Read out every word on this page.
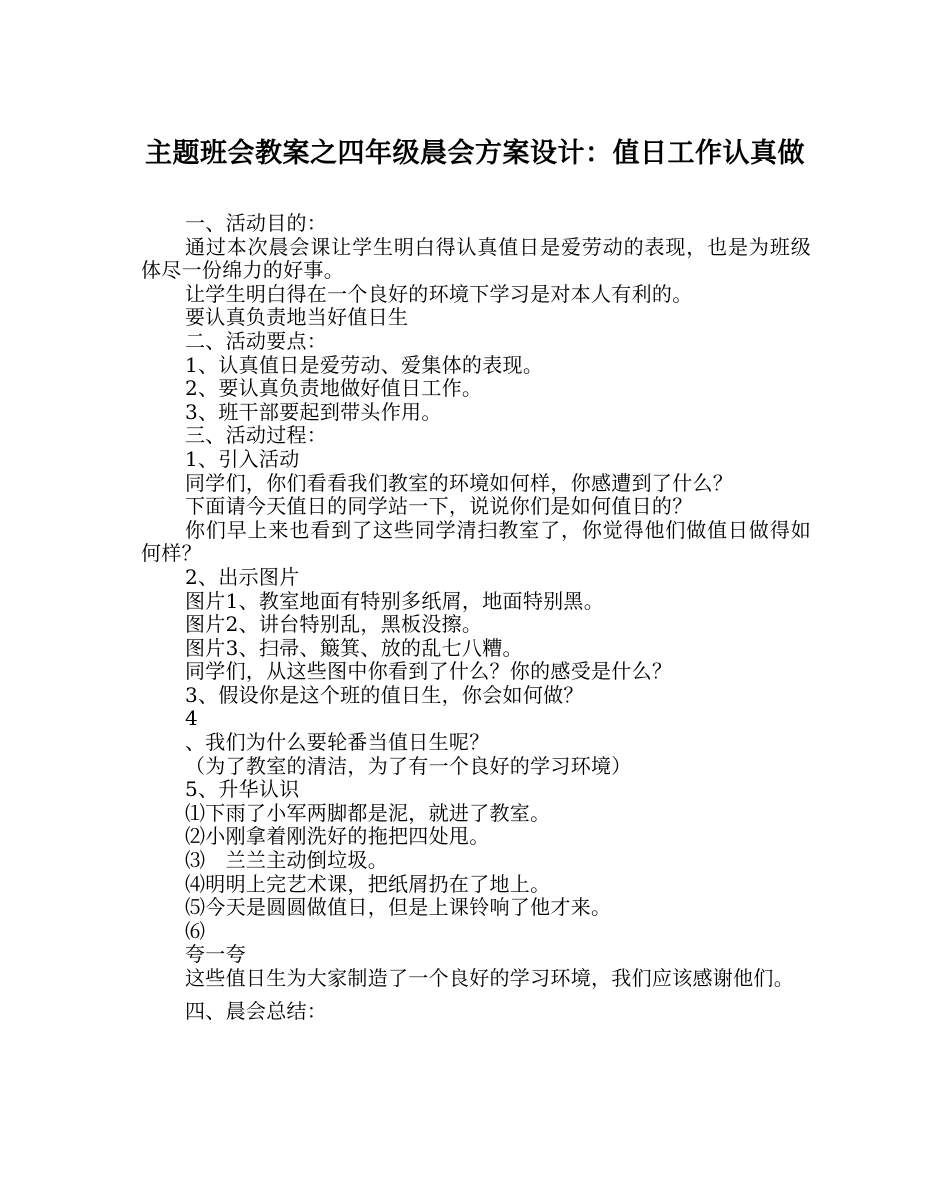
主题班会教案之四年级晨会方案设计：值日工作认真做

一、活动目的：

通过本次晨会课让学生明白得认真值日是爱劳动的表现，也是为班级体尽一份绵力的好事。

让学生明白得在一个良好的环境下学习是对本人有利的。

要认真负责地当好值日生

二、活动要点：

1、认真值日是爱劳动、爱集体的表现。

2、要认真负责地做好值日工作。

3、班干部要起到带头作用。

三、活动过程：

1、引入活动

同学们，你们看看我们教室的环境如何样，你感遭到了什么？

下面请今天值日的同学站一下，说说你们是如何值日的？

你们早上来也看到了这些同学清扫教室了，你觉得他们做值日做得如何样？

2、出示图片

图片1、教室地面有特别多纸屑，地面特别黑。

图片2、讲台特别乱，黑板没擦。

图片3、扫帚、簸箕、放的乱七八糟。

同学们，从这些图中你看到了什么？你的感受是什么？

3、假设你是这个班的值日生，你会如何做？

4

、我们为什么要轮番当值日生呢？

（为了教室的清洁，为了有一个良好的学习环境）

5、升华认识

⑴下雨了小军两脚都是泥，就进了教室。

⑵小刚拿着刚洗好的拖把四处甩。

⑶　兰兰主动倒垃圾。

⑷明明上完艺术课，把纸屑扔在了地上。

⑸今天是圆圆做值日，但是上课铃响了他才来。

⑹

夸一夸

这些值日生为大家制造了一个良好的学习环境，我们应该感谢他们。

四、晨会总结：
